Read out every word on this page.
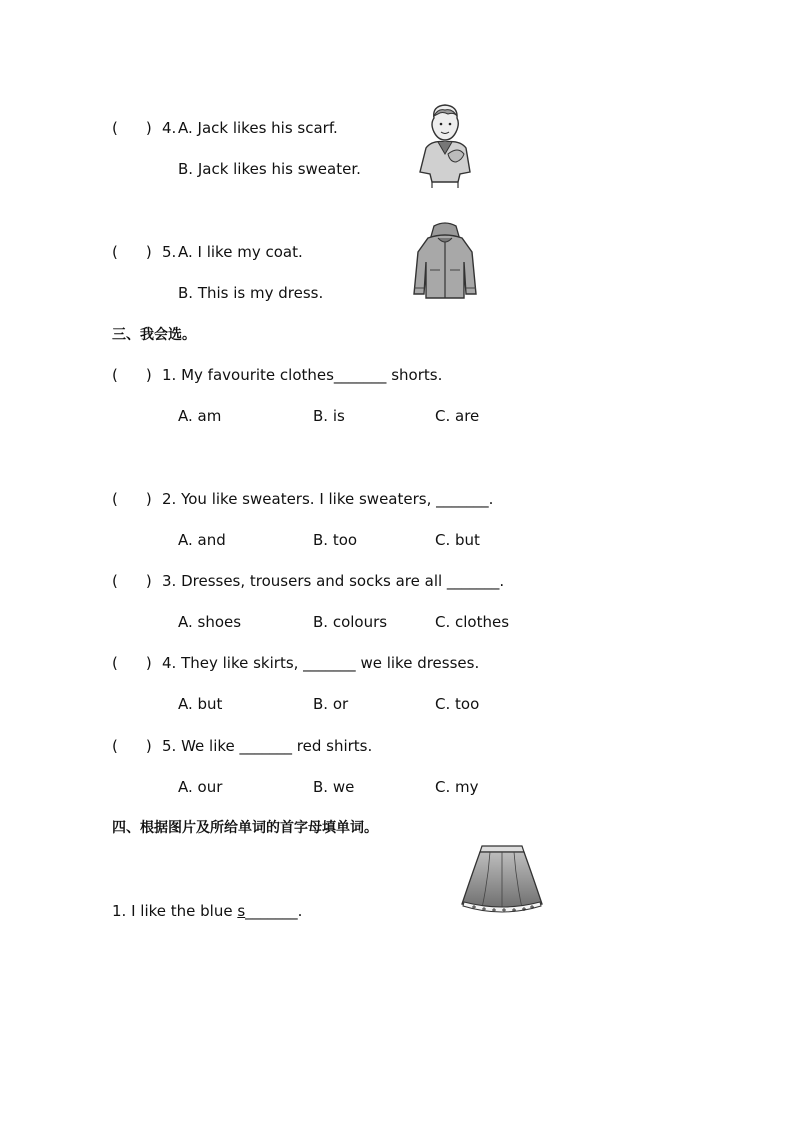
( ) 4. A. Jack likes his scarf.
B. Jack likes his sweater.
( ) 5. A. I like my coat.
B. This is my dress.
三、我会选。
( ) 1. My favourite clothes_______ shorts.
A. am	B. is	C. are
( ) 2. You like sweaters. I like sweaters, _______.
A. and	B. too	C. but
( ) 3. Dresses, trousers and socks are all _______.
A. shoes	B. colours	C. clothes
( ) 4. They like skirts, _______ we like dresses.
A. but	B. or	C. too
( ) 5. We like _______ red shirts.
A. our	B. we	C. my
四、根据图片及所给单词的首字母填单词。
1. I like the blue s_______.
